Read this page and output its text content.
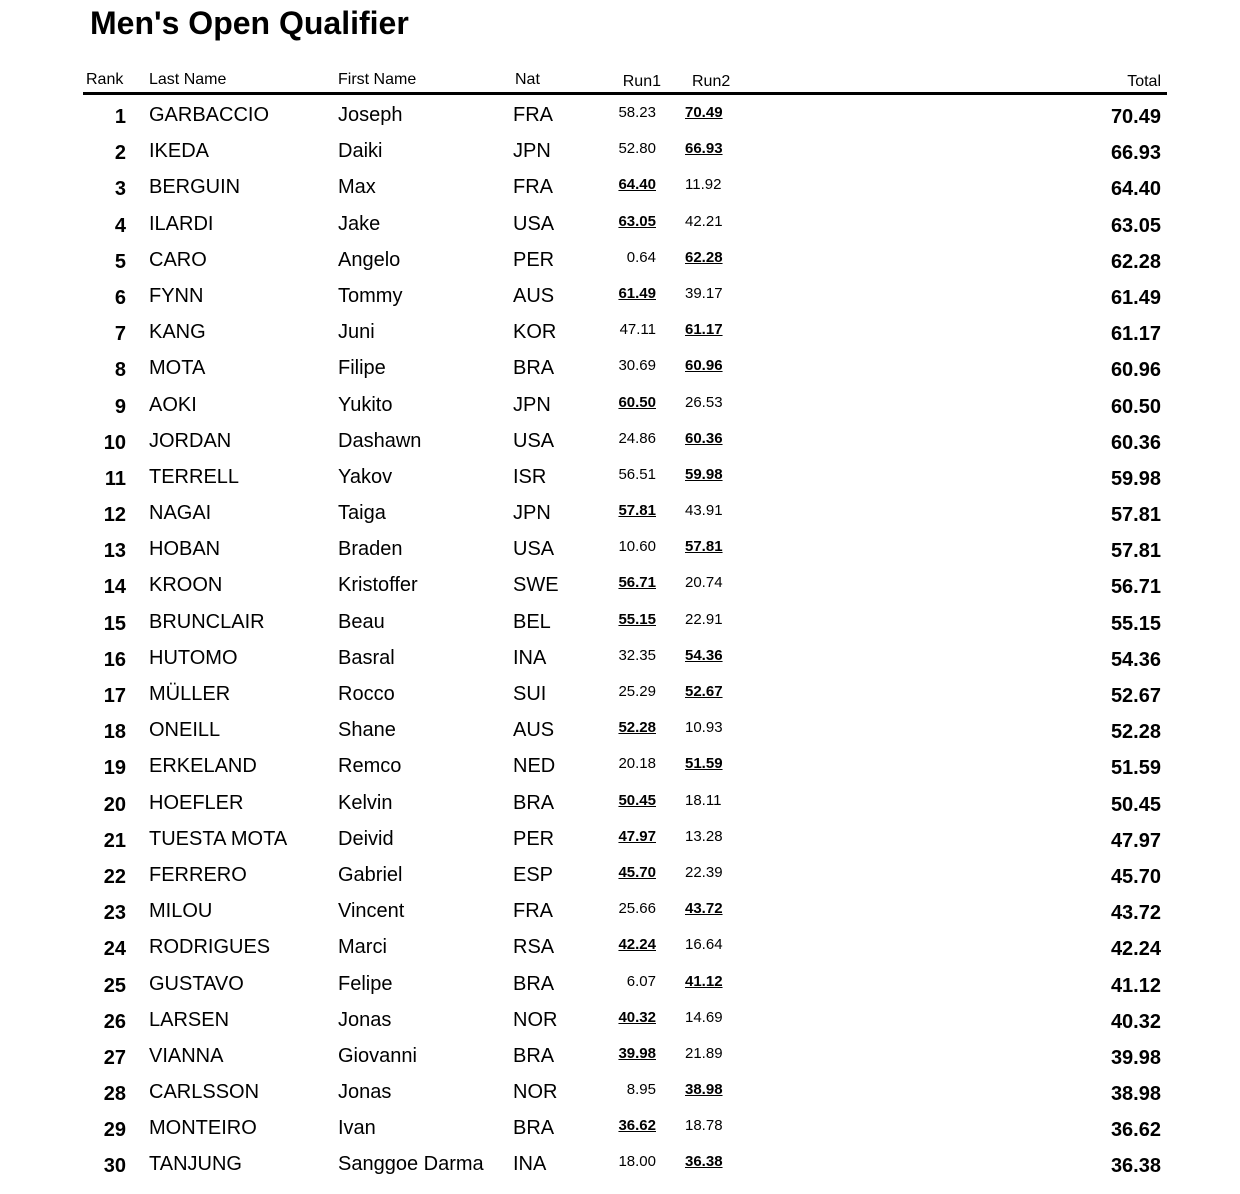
Men's Open Qualifier
Rank Last Name	First Name	Nat	Run1 Run2	Total
1 GARBACCIO	Joseph	FRA	58.23 70.49	70.49
2 IKEDA	Daiki	JPN	52.80 66.93	66.93
3 BERGUIN	Max	FRA	64.40 11.92	64.40
4 ILARDI	Jake	USA	63.05 42.21	63.05
5 CARO	Angelo	PER	0.64 62.28	62.28
6 FYNN	Tommy	AUS	61.49 39.17	61.49
7 KANG	Juni	KOR	47.11 61.17	61.17
8 MOTA	Filipe	BRA	30.69 60.96	60.96
9 AOKI	Yukito	JPN	60.50 26.53	60.50
10 JORDAN	Dashawn	USA	24.86 60.36	60.36
11 TERRELL	Yakov	ISR	56.51 59.98	59.98
12 NAGAI	Taiga	JPN	57.81 43.91	57.81
13 HOBAN	Braden	USA	10.60 57.81	57.81
14 KROON	Kristoffer	SWE	56.71 20.74	56.71
15 BRUNCLAIR	Beau	BEL	55.15 22.91	55.15
16 HUTOMO	Basral	INA	32.35 54.36	54.36
17 MÜLLER	Rocco	SUI	25.29 52.67	52.67
18 ONEILL	Shane	AUS	52.28 10.93	52.28
19 ERKELAND	Remco	NED	20.18 51.59	51.59
20 HOEFLER	Kelvin	BRA	50.45 18.11	50.45
21 TUESTA MOTA	Deivid	PER	47.97 13.28	47.97
22 FERRERO	Gabriel	ESP	45.70 22.39	45.70
23 MILOU	Vincent	FRA	25.66 43.72	43.72
24 RODRIGUES	Marci	RSA	42.24 16.64	42.24
25 GUSTAVO	Felipe	BRA	6.07 41.12	41.12
26 LARSEN	Jonas	NOR	40.32 14.69	40.32
27 VIANNA	Giovanni	BRA	39.98 21.89	39.98
28 CARLSSON	Jonas	NOR	8.95 38.98	38.98
29 MONTEIRO	Ivan	BRA	36.62 18.78	36.62
30 TANJUNG	Sanggoe Darma INA	18.00 36.38	36.38
